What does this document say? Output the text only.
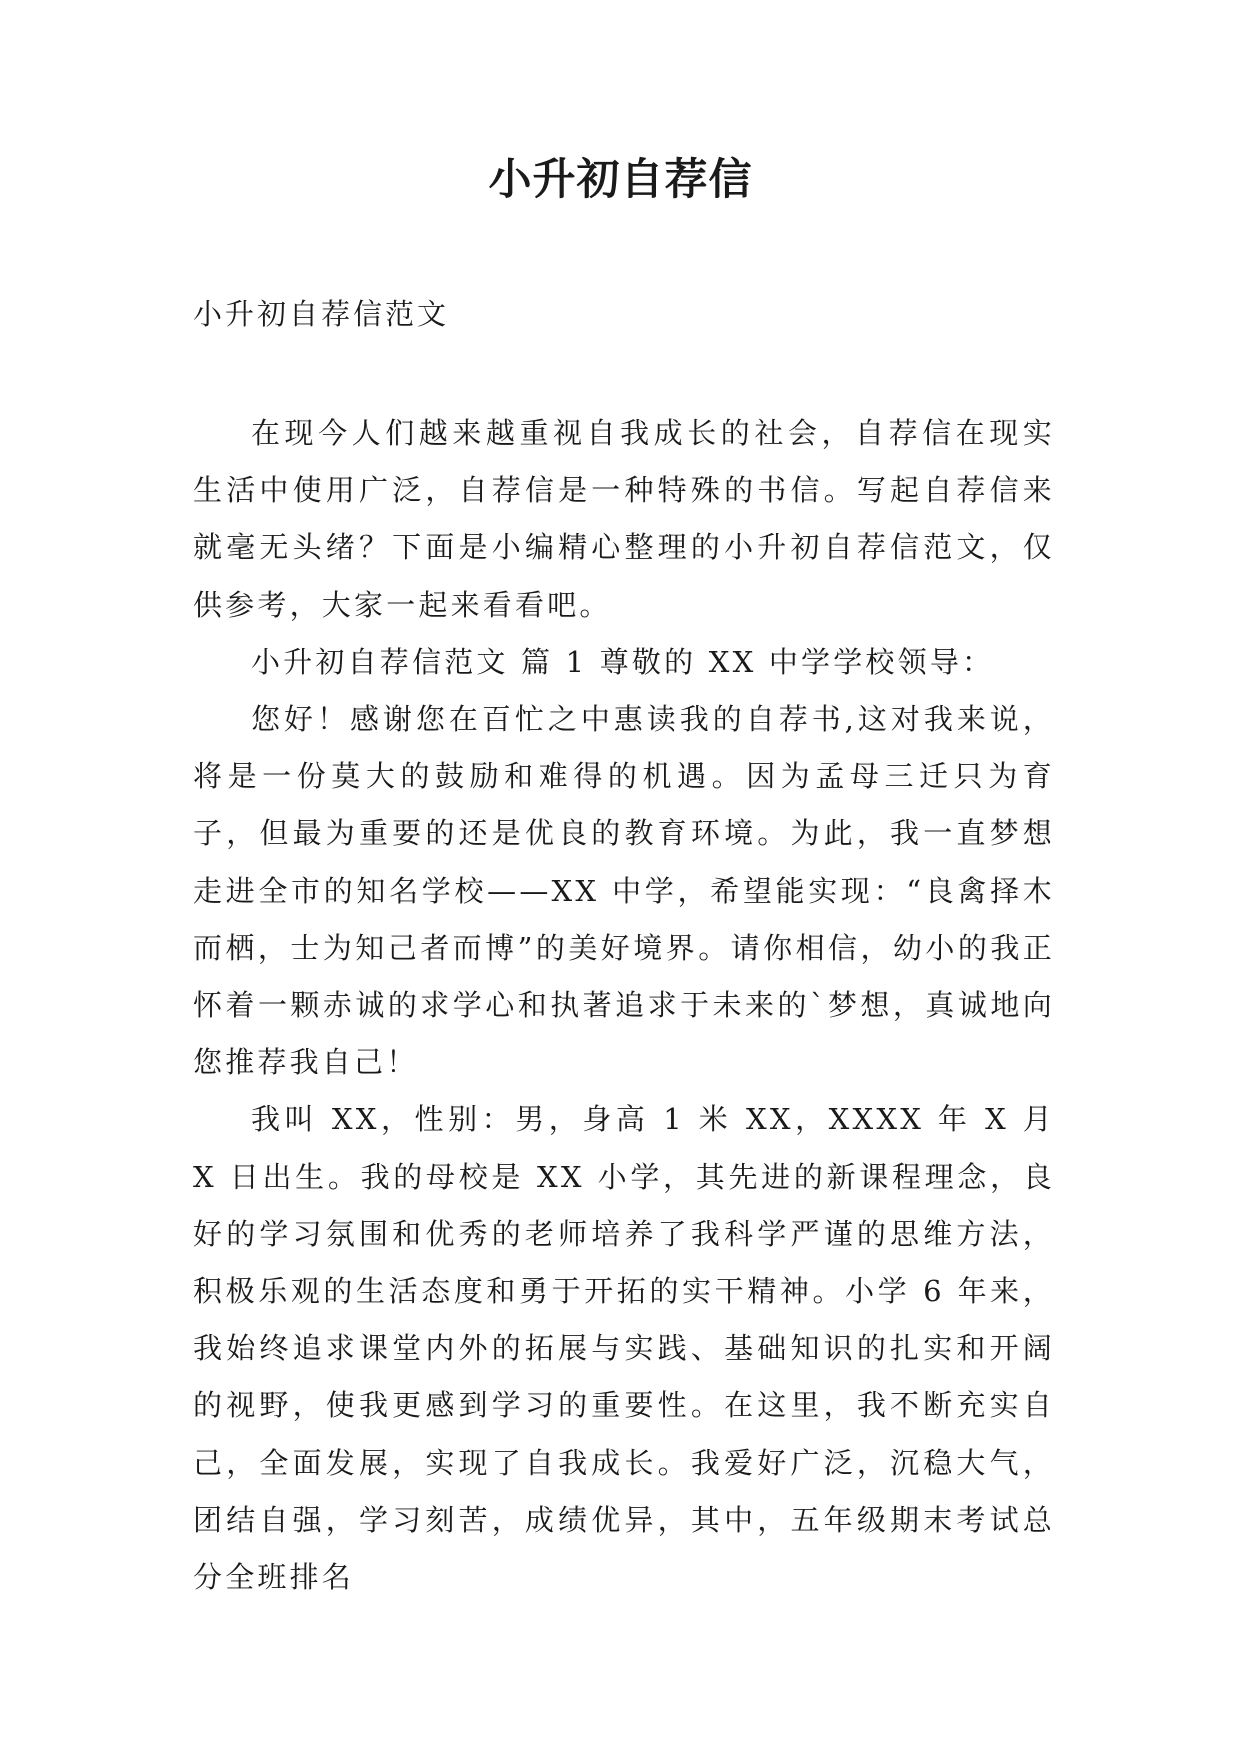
小升初自荐信
小升初自荐信范文

在现今人们越来越重视自我成长的社会，自荐信在现实生活中使用广泛，自荐信是一种特殊的书信。写起自荐信来就毫无头绪？下面是小编精心整理的小升初自荐信范文，仅供参考，大家一起来看看吧。

小升初自荐信范文 篇 1 尊敬的 XX 中学学校领导：

您好！感谢您在百忙之中惠读我的自荐书,这对我来说，将是一份莫大的鼓励和难得的机遇。因为孟母三迁只为育子，但最为重要的还是优良的教育环境。为此，我一直梦想走进全市的知名学校——XX 中学，希望能实现：“良禽择木而栖，士为知己者而博”的美好境界。请你相信，幼小的我正怀着一颗赤诚的求学心和执著追求于未来的`梦想，真诚地向您推荐我自己！

我叫 XX，性别：男，身高 1 米 XX，XXXX 年 X 月 X 日出生。我的母校是 XX 小学，其先进的新课程理念，良好的学习氛围和优秀的老师培养了我科学严谨的思维方法，积极乐观的生活态度和勇于开拓的实干精神。小学 6 年来，我始终追求课堂内外的拓展与实践、基础知识的扎实和开阔的视野，使我更感到学习的重要性。在这里，我不断充实自己，全面发展，实现了自我成长。我爱好广泛，沉稳大气，团结自强，学习刻苦，成绩优异，其中，五年级期末考试总分全班排名
